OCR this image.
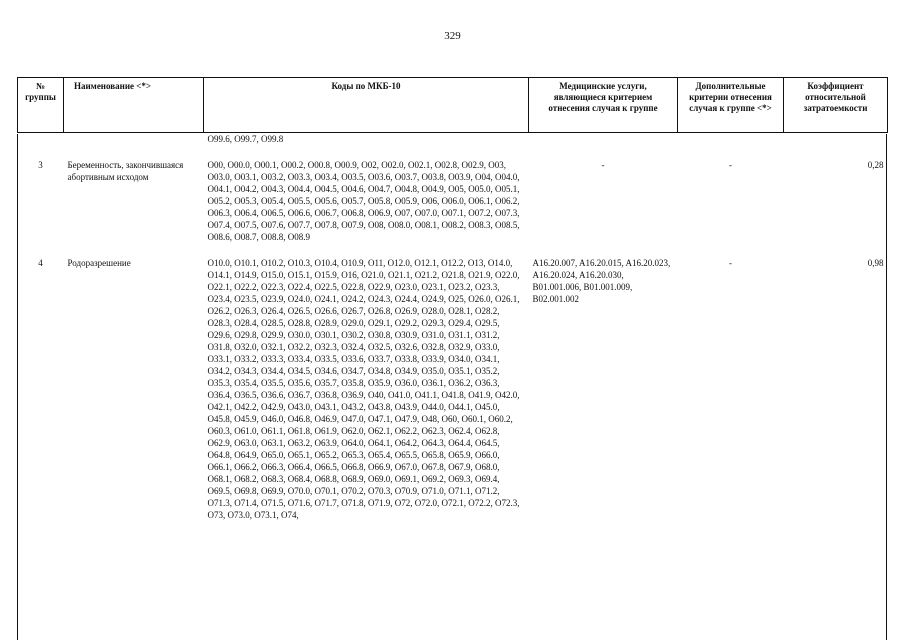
329
№ группы	Наименование <*>	Коды по МКБ-10	Медицинские услуги, являющиеся критерием отнесения случая к группе	Дополнительные критерии отнесения случая к группе <*>	Коэффициент относительной затратоемкости
		O99.6, O99.7, O99.8			

3	Беременность, закончившаяся абортивным исходом	O00, O00.0, O00.1, O00.2, O00.8, O00.9, O02, O02.0, O02.1, O02.8, O02.9, O03, O03.0, O03.1, O03.2, O03.3, O03.4, O03.5, O03.6, O03.7, O03.8, O03.9, O04, O04.0, O04.1, O04.2, O04.3, O04.4, O04.5, O04.6, O04.7, O04.8, O04.9, O05, O05.0, O05.1, O05.2, O05.3, O05.4, O05.5, O05.6, O05.7, O05.8, O05.9, O06, O06.0, O06.1, O06.2, O06.3, O06.4, O06.5, O06.6, O06.7, O06.8, O06.9, O07, O07.0, O07.1, O07.2, O07.3, O07.4, O07.5, O07.6, O07.7, O07.8, O07.9, O08, O08.0, O08.1, O08.2, O08.3, O08.5, O08.6, O08.7, O08.8, O08.9	-	-	0,28

4	Родоразрешение	O10.0, O10.1, O10.2, O10.3, O10.4, O10.9, O11, O12.0, O12.1, O12.2, O13, O14.0, O14.1, O14.9, O15.0, O15.1, O15.9, O16, O21.0, O21.1, O21.2, O21.8, O21.9, O22.0, O22.1, O22.2, O22.3, O22.4, O22.5, O22.8, O22.9, O23.0, O23.1, O23.2, O23.3, O23.4, O23.5, O23.9, O24.0, O24.1, O24.2, O24.3, O24.4, O24.9, O25, O26.0, O26.1, O26.2, O26.3, O26.4, O26.5, O26.6, O26.7, O26.8, O26.9, O28.0, O28.1, O28.2, O28.3, O28.4, O28.5, O28.8, O28.9, O29.0, O29.1, O29.2, O29.3, O29.4, O29.5, O29.6, O29.8, O29.9, O30.0, O30.1, O30.2, O30.8, O30.9, O31.0, O31.1, O31.2, O31.8, O32.0, O32.1, O32.2, O32.3, O32.4, O32.5, O32.6, O32.8, O32.9, O33.0, O33.1, O33.2, O33.3, O33.4, O33.5, O33.6, O33.7, O33.8, O33.9, O34.0, O34.1, O34.2, O34.3, O34.4, O34.5, O34.6, O34.7, O34.8, O34.9, O35.0, O35.1, O35.2, O35.3, O35.4, O35.5, O35.6, O35.7, O35.8, O35.9, O36.0, O36.1, O36.2, O36.3, O36.4, O36.5, O36.6, O36.7, O36.8, O36.9, O40, O41.0, O41.1, O41.8, O41.9, O42.0, O42.1, O42.2, O42.9, O43.0, O43.1, O43.2, O43.8, O43.9, O44.0, O44.1, O45.0, O45.8, O45.9, O46.0, O46.8, O46.9, O47.0, O47.1, O47.9, O48, O60, O60.1, O60.2, O60.3, O61.0, O61.1, O61.8, O61.9, O62.0, O62.1, O62.2, O62.3, O62.4, O62.8, O62.9, O63.0, O63.1, O63.2, O63.9, O64.0, O64.1, O64.2, O64.3, O64.4, O64.5, O64.8, O64.9, O65.0, O65.1, O65.2, O65.3, O65.4, O65.5, O65.8, O65.9, O66.0, O66.1, O66.2, O66.3, O66.4, O66.5, O66.8, O66.9, O67.0, O67.8, O67.9, O68.0, O68.1, O68.2, O68.3, O68.4, O68.8, O68.9, O69.0, O69.1, O69.2, O69.3, O69.4, O69.5, O69.8, O69.9, O70.0, O70.1, O70.2, O70.3, O70.9, O71.0, O71.1, O71.2, O71.3, O71.4, O71.5, O71.6, O71.7, O71.8, O71.9, O72, O72.0, O72.1, O72.2, O72.3, O73, O73.0, O73.1, O74,	A16.20.007, A16.20.015, A16.20.023, A16.20.024, A16.20.030, B01.001.006, B01.001.009, B02.001.002	-	0,98
